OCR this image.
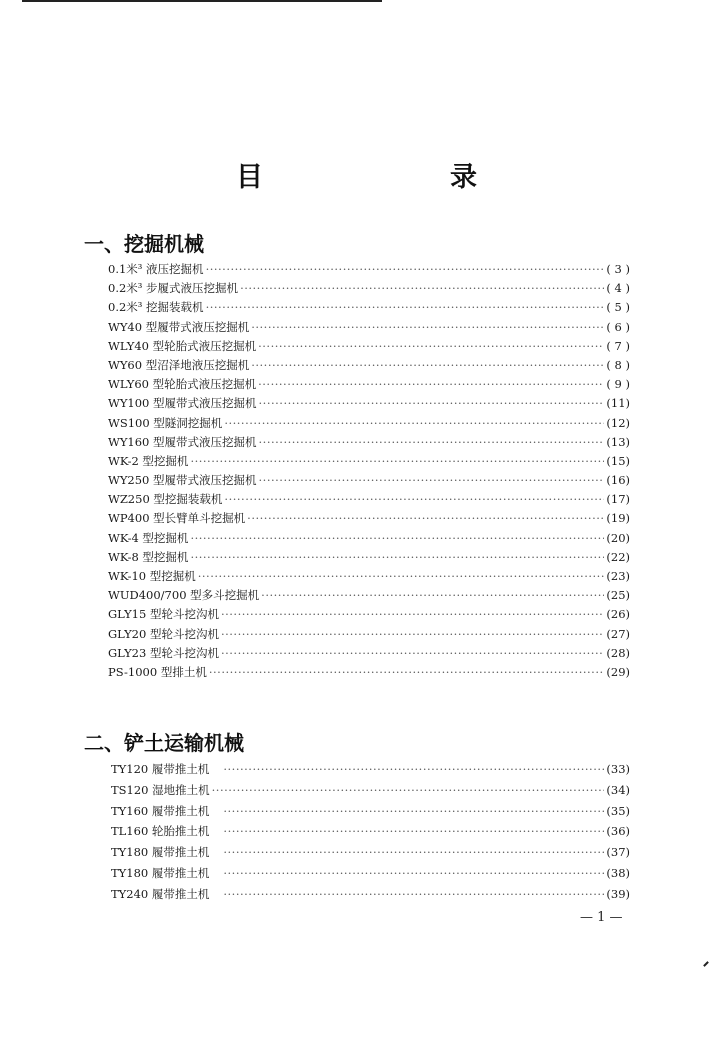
目　录
一、挖掘机械
0.1米³ 液压挖掘机 ·····	( 3 )
0.2米³ 步履式液压挖掘机 ·····	( 4 )
0.2米³ 挖掘装载机 ·····	( 5 )
WY40 型履带式液压挖掘机 ·····	( 6 )
WLY40 型轮胎式液压挖掘机 ·····	( 7 )
WY60 型沼泽地液压挖掘机 ·····	( 8 )
WLY60 型轮胎式液压挖掘机 ·····	( 9 )
WY100 型履带式液压挖掘机 ·····	(11)
WS100 型隧洞挖掘机 ·····	(12)
WY160 型履带式液压挖掘机 ·····	(13)
WK-2 型挖掘机 ·····	(15)
WY250 型履带式液压挖掘机 ·····	(16)
WZ250 型挖掘装载机 ·····	(17)
WP400 型长臂单斗挖掘机 ·····	(19)
WK-4 型挖掘机 ·····	(20)
WK-8 型挖掘机 ·····	(22)
WK-10 型挖掘机 ·····	(23)
WUD400/700 型多斗挖掘机 ·····	(25)
GLY15 型轮斗挖沟机 ·····	(26)
GLY20 型轮斗挖沟机 ·····	(27)
GLY23 型轮斗挖沟机 ·····	(28)
PS-1000 型排土机 ·····	(29)
二、铲土运输机械
TY120 履带推土机 ·····	(33)
TS120 湿地推土机 ·····	(34)
TY160 履带推土机 ·····	(35)
TL160 轮胎推土机 ·····	(36)
TY180 履带推土机 ·····	(37)
TY180 履带推土机 ·····	(38)
TY240 履带推土机 ·····	(39)
— 1 —
